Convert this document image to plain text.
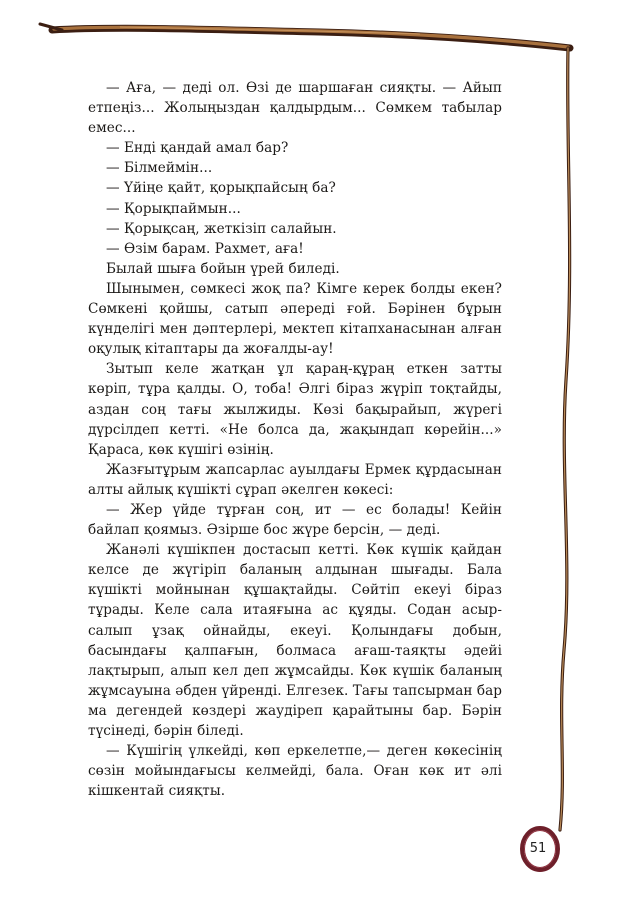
— Аға, — деді ол. Өзі де шаршаған сияқты. — Айып етпеңіз... Жолыңыздан қалдырдым... Сөмкем табылар емес...

— Енді қандай амал бар?

— Білмеймін...

— Үйіңе қайт, қорықпайсың ба?

— Қорықпаймын...

— Қорықсаң, жеткізіп салайын.

— Өзім барам. Рахмет, аға!

Былай шыға бойын үрей биледі.

Шынымен, сөмкесі жоқ па? Кімге керек болды екен? Сөмкені қойшы, сатып әпереді ғой. Бәрінен бұрын күнделігі мен дәптерлері, мектеп кітапханасынан алған оқулық кітаптары да жоғалды-ау!

Зытып келе жатқан ұл қараң-құраң еткен затты көріп, тұра қалды. О, тоба! Әлгі біраз жүріп тоқтайды, аздан соң тағы жылжиды. Көзі бақырайып, жүрегі дүрсілдеп кетті. «Не болса да, жақындап көрейін...» Қараса, көк күшігі өзінің.

Жазғытұрым жапсарлас ауылдағы Ермек құрдасынан алты айлық күшікті сұрап әкелген көкесі:

— Жер үйде тұрған соң, ит — ес болады! Кейін байлап қоямыз. Әзірше бос жүре берсін, — деді.

Жанәлі күшікпен достасып кетті. Көк күшік қайдан келсе де жүгіріп баланың алдынан шығады. Бала күшікті мойнынан құшақтайды. Сөйтіп екеуі біраз тұрады. Келе сала итаяғына ас құяды. Содан асыр-салып ұзақ ойнайды, екеуі. Қолындағы добын, басындағы қалпағын, болмаса ағаш-таяқты әдейі лақтырып, алып кел деп жұмсайды. Көк күшік баланың жұмсауына әбден үйренді. Елгезек. Тағы тапсырман бар ма дегендей көздері жаудіреп қарайтыны бар. Бәрін түсінеді, бәрін біледі.

— Күшігің үлкейді, көп еркелетпе,— деген көкесінің сөзін мойындағысы келмейді, бала. Оған көк ит әлі кішкентай сияқты.

51
